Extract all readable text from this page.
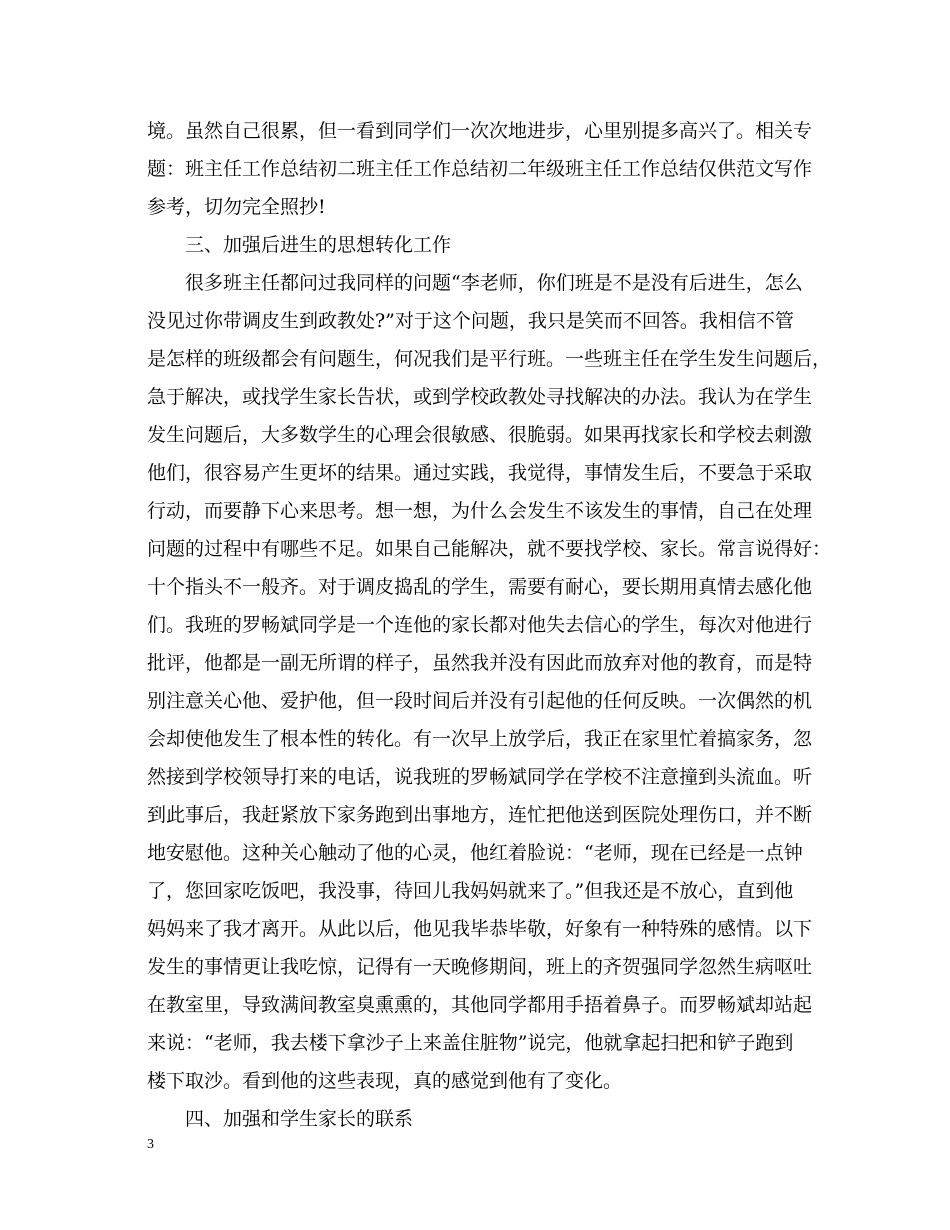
境。虽然自己很累，但一看到同学们一次次地进步，心里别提多高兴了。相关专
题：班主任工作总结初二班主任工作总结初二年级班主任工作总结仅供范文写作
参考，切勿完全照抄!
三、加强后进生的思想转化工作
很多班主任都问过我同样的问题“李老师，你们班是不是没有后进生，怎么
没见过你带调皮生到政教处?”对于这个问题，我只是笑而不回答。我相信不管
是怎样的班级都会有问题生，何况我们是平行班。一些班主任在学生发生问题后，
急于解决，或找学生家长告状，或到学校政教处寻找解决的办法。我认为在学生
发生问题后，大多数学生的心理会很敏感、很脆弱。如果再找家长和学校去刺激
他们，很容易产生更坏的结果。通过实践，我觉得，事情发生后，不要急于采取
行动，而要静下心来思考。想一想，为什么会发生不该发生的事情，自己在处理
问题的过程中有哪些不足。如果自己能解决，就不要找学校、家长。常言说得好：
十个指头不一般齐。对于调皮捣乱的学生，需要有耐心，要长期用真情去感化他
们。我班的罗畅斌同学是一个连他的家长都对他失去信心的学生，每次对他进行
批评，他都是一副无所谓的样子，虽然我并没有因此而放弃对他的教育，而是特
别注意关心他、爱护他，但一段时间后并没有引起他的任何反映。一次偶然的机
会却使他发生了根本性的转化。有一次早上放学后，我正在家里忙着搞家务，忽
然接到学校领导打来的电话，说我班的罗畅斌同学在学校不注意撞到头流血。听
到此事后，我赶紧放下家务跑到出事地方，连忙把他送到医院处理伤口，并不断
地安慰他。这种关心触动了他的心灵，他红着脸说：“老师，现在已经是一点钟
了，您回家吃饭吧，我没事，待回儿我妈妈就来了。”但我还是不放心，直到他
妈妈来了我才离开。从此以后，他见我毕恭毕敬，好象有一种特殊的感情。以下
发生的事情更让我吃惊，记得有一天晚修期间，班上的齐贺强同学忽然生病呕吐
在教室里，导致满间教室臭熏熏的，其他同学都用手捂着鼻子。而罗畅斌却站起
来说：“老师，我去楼下拿沙子上来盖住脏物”说完，他就拿起扫把和铲子跑到
楼下取沙。看到他的这些表现，真的感觉到他有了变化。
四、加强和学生家长的联系
3
